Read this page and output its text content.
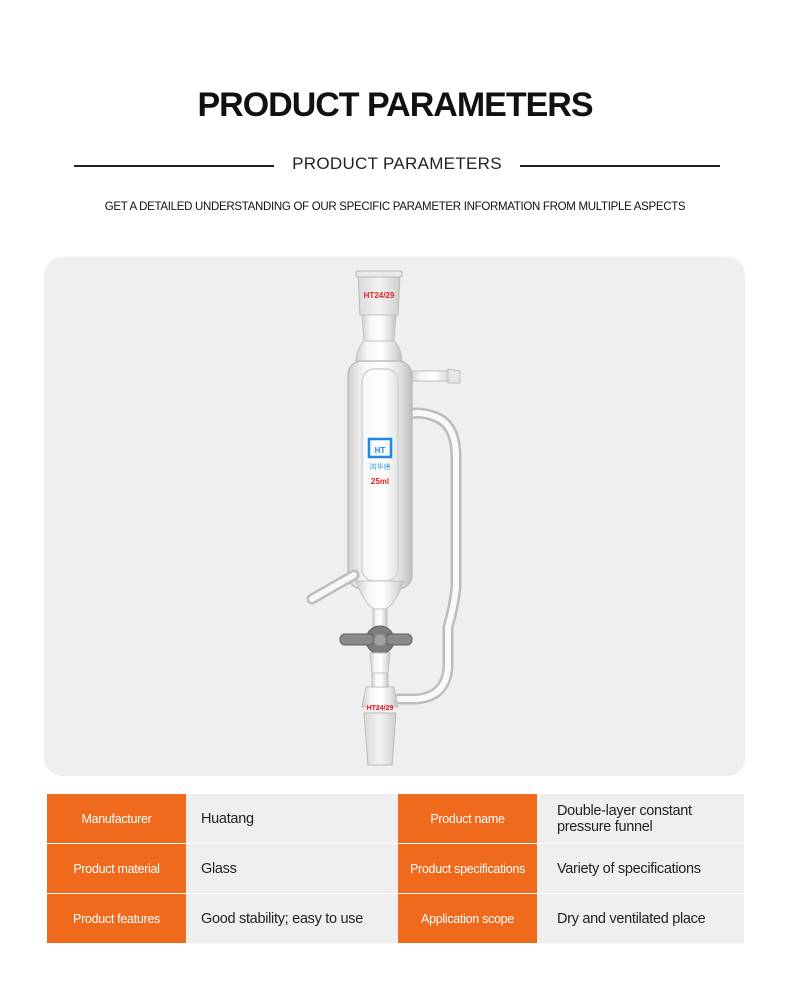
PRODUCT PARAMETERS
PRODUCT PARAMETERS

GET A DETAILED UNDERSTANDING OF OUR SPECIFIC PARAMETER INFORMATION FROM MULTIPLE ASPECTS

HT24/29
HT
鸿华唐
25ml
HT24/29
Manufacturer	Huatang	Product name	Double-layer constant pressure funnel
Product material	Glass	Product specifications	Variety of specifications
Product features	Good stability; easy to use	Application scope	Dry and ventilated place
